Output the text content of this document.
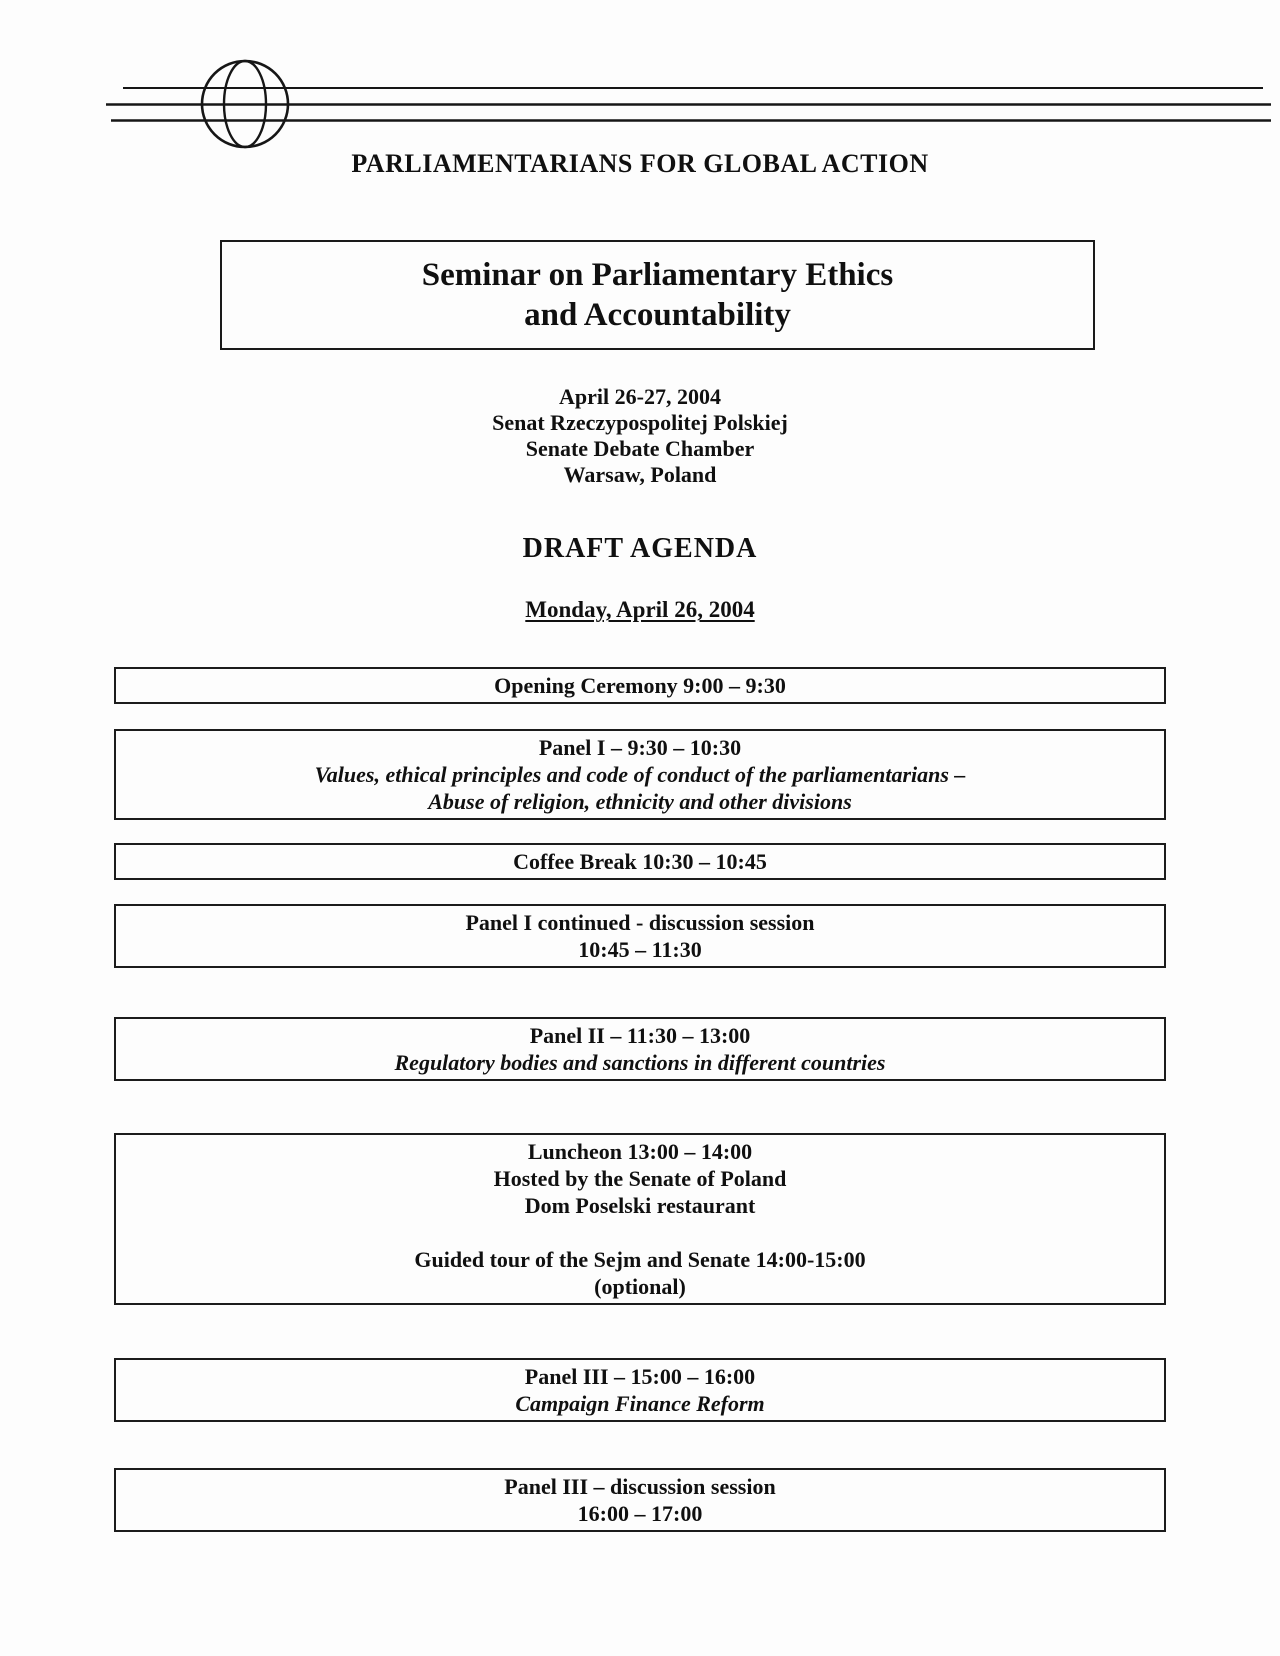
PARLIAMENTARIANS FOR GLOBAL ACTION
Seminar on Parliamentary Ethics
and Accountability
April 26-27, 2004
Senat Rzeczypospolitej Polskiej
Senate Debate Chamber
Warsaw, Poland
DRAFT AGENDA
Monday, April 26, 2004
Opening Ceremony 9:00 – 9:30
Panel I – 9:30 – 10:30
Values, ethical principles and code of conduct of the parliamentarians –
Abuse of religion, ethnicity and other divisions
Coffee Break 10:30 – 10:45
Panel I continued - discussion session
10:45 – 11:30
Panel II – 11:30 – 13:00
Regulatory bodies and sanctions in different countries
Luncheon 13:00 – 14:00
Hosted by the Senate of Poland
Dom Poselski restaurant

Guided tour of the Sejm and Senate 14:00-15:00
(optional)
Panel III – 15:00 – 16:00
Campaign Finance Reform
Panel III – discussion session
16:00 – 17:00
